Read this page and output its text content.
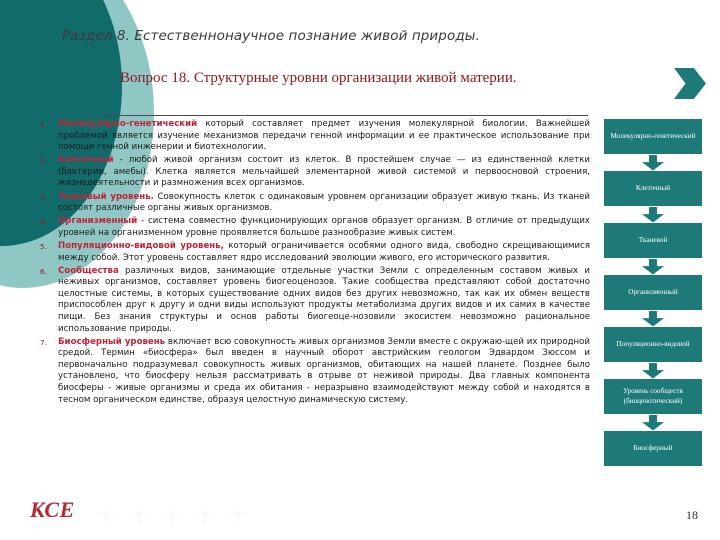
Раздел 8. Естественнонаучное познание живой природы.
Вопрос 18. Структурные уровни организации живой материи.
Молекулярно-генетический который составляет предмет изучения молекулярной биологии. Важнейшей проблемой является изучение механизмов передачи генной информации и ее практическое использование при помощи генной инженерии и биотехнологии.
Клеточный - любой живой организм состоит из клеток. В простейшем случае — из единственной клетки (бактерии, амебы). Клетка является мельчайшей элементарной живой системой и первоосновой строения, жизнедеятельности и размножения всех организмов.
Тканевый уровень. Совокупность клеток с одинаковым уровнем организации образует живую ткань. Из тканей состоят различные органы живых организмов.
Организменный - система совместно функционирующих органов образует организм. В отличие от предыдущих уровней на организменном уровне проявляется большое разнообразие живых систем.
Популяционно-видовой уровень, который ограничивается особями одного вида, свободно скрещивающимися между собой. Этот уровень составляет ядро исследований эволюции живого, его исторического развития.
Сообщества различных видов, занимающие отдельные участки Земли с определенным составом живых и неживых организмов, составляет уровень биогеоценозов. Такие сообщества представляют собой достаточно целостные системы, в которых существование одних видов без других невозможно, так как их обмен веществ приспособлен друг к другу и одни виды используют продукты метаболизма других видов и их самих в качестве пищи. Без знания структуры и основ работы биогеоце-нозовили экосистем невозможно рациональное использование природы.
Биосферный уровень включает всю совокупность живых организмов Земли вместе с окружаю-щей их природной средой. Термин «биосфера» был введен в научный оборот австрийским геологом Эдвардом Зюссом и первоначально подразумевал совокупность живых организмов, обитающих на нашей планете. Позднее было установлено, что биосферу нельзя рассматривать в отрыве от неживой природы. Два главных компонента биосферы - живые организмы и среда их обитания - неразрывно взаимодействуют между собой и находятся в тесном органическом единстве, образуя целостную динамическую систему.
Молекулярно-генетический
Клеточный
Тканевой
Организменный
Популяционно-видовой
Уровень сообществ (биоценотический)
Биосферный
КСЕ	18
